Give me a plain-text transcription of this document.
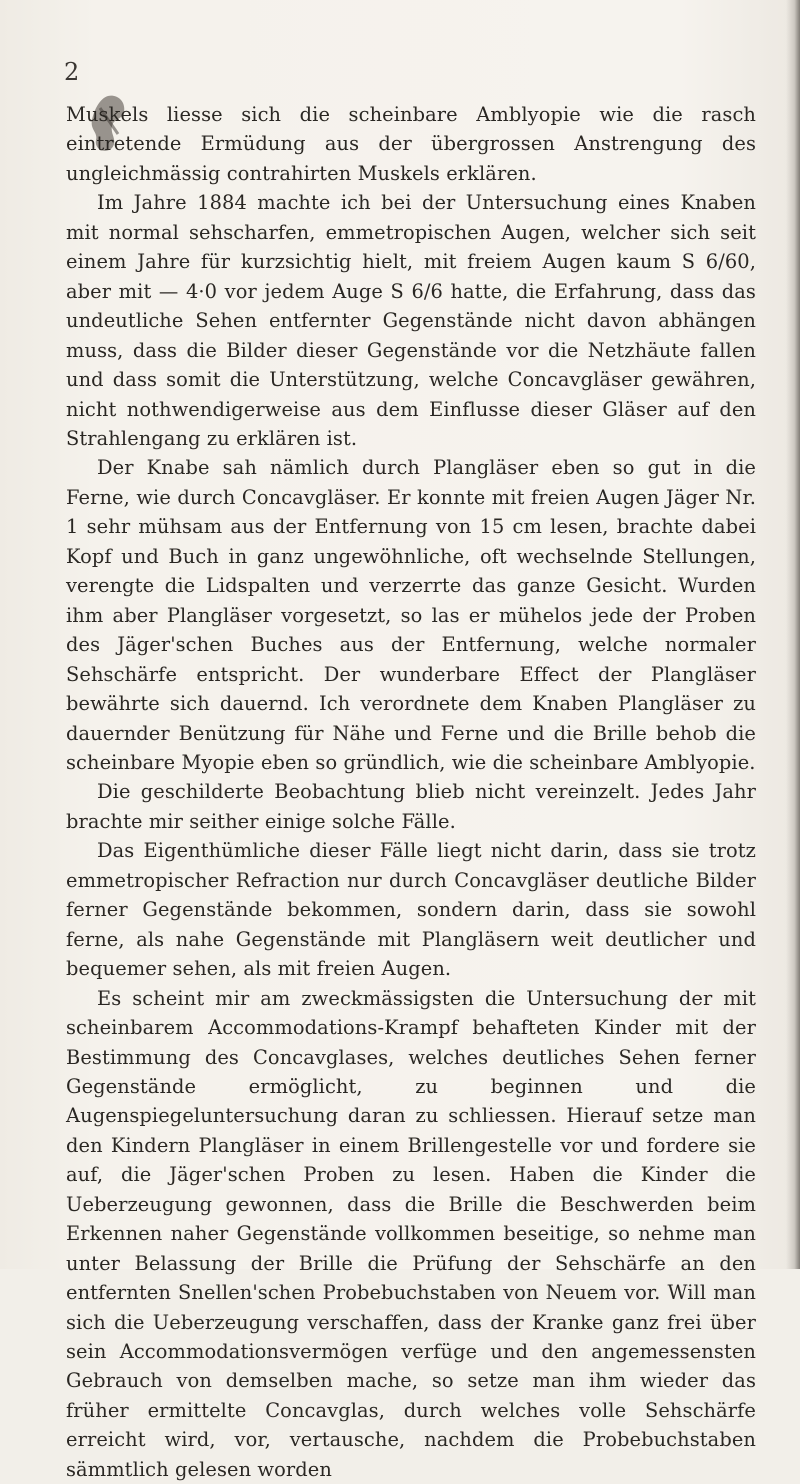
2

Muskels liesse sich die scheinbare Amblyopie wie die rasch eintretende Ermüdung aus der übergrossen Anstrengung des ungleichmässig contrahirten Muskels erklären.

Im Jahre 1884 machte ich bei der Untersuchung eines Knaben mit normal sehscharfen, emmetropischen Augen, welcher sich seit einem Jahre für kurzsichtig hielt, mit freiem Augen kaum S 6/60, aber mit — 4·0 vor jedem Auge S 6/6 hatte, die Erfahrung, dass das undeutliche Sehen entfernter Gegenstände nicht davon abhängen muss, dass die Bilder dieser Gegenstände vor die Netzhäute fallen und dass somit die Unterstützung, welche Concavgläser gewähren, nicht nothwendigerweise aus dem Einflusse dieser Gläser auf den Strahlengang zu erklären ist.

Der Knabe sah nämlich durch Plangläser eben so gut in die Ferne, wie durch Concavgläser. Er konnte mit freien Augen Jäger Nr. 1 sehr mühsam aus der Entfernung von 15 cm lesen, brachte dabei Kopf und Buch in ganz ungewöhnliche, oft wechselnde Stellungen, verengte die Lidspalten und verzerrte das ganze Gesicht. Wurden ihm aber Plangläser vorgesetzt, so las er mühelos jede der Proben des Jäger'schen Buches aus der Entfernung, welche normaler Sehschärfe entspricht. Der wunderbare Effect der Plangläser bewährte sich dauernd. Ich verordnete dem Knaben Plangläser zu dauernder Benützung für Nähe und Ferne und die Brille behob die scheinbare Myopie eben so gründlich, wie die scheinbare Amblyopie.

Die geschilderte Beobachtung blieb nicht vereinzelt. Jedes Jahr brachte mir seither einige solche Fälle.

Das Eigenthümliche dieser Fälle liegt nicht darin, dass sie trotz emmetropischer Refraction nur durch Concavgläser deutliche Bilder ferner Gegenstände bekommen, sondern darin, dass sie sowohl ferne, als nahe Gegenstände mit Plangläsern weit deutlicher und bequemer sehen, als mit freien Augen.

Es scheint mir am zweckmässigsten die Untersuchung der mit scheinbarem Accommodations-Krampf behafteten Kinder mit der Bestimmung des Concavglases, welches deutliches Sehen ferner Gegenstände ermöglicht, zu beginnen und die Augenspiegeluntersuchung daran zu schliessen. Hierauf setze man den Kindern Plangläser in einem Brillengestelle vor und fordere sie auf, die Jäger'schen Proben zu lesen. Haben die Kinder die Ueberzeugung gewonnen, dass die Brille die Beschwerden beim Erkennen naher Gegenstände vollkommen beseitige, so nehme man unter Belassung der Brille die Prüfung der Sehschärfe an den entfernten Snellen'schen Probebuchstaben von Neuem vor. Will man sich die Ueberzeugung verschaffen, dass der Kranke ganz frei über sein Accommodationsvermögen verfüge und den angemessensten Gebrauch von demselben mache, so setze man ihm wieder das früher ermittelte Concavglas, durch welches volle Sehschärfe erreicht wird, vor, vertausche, nachdem die Probebuchstaben sämmtlich gelesen worden
